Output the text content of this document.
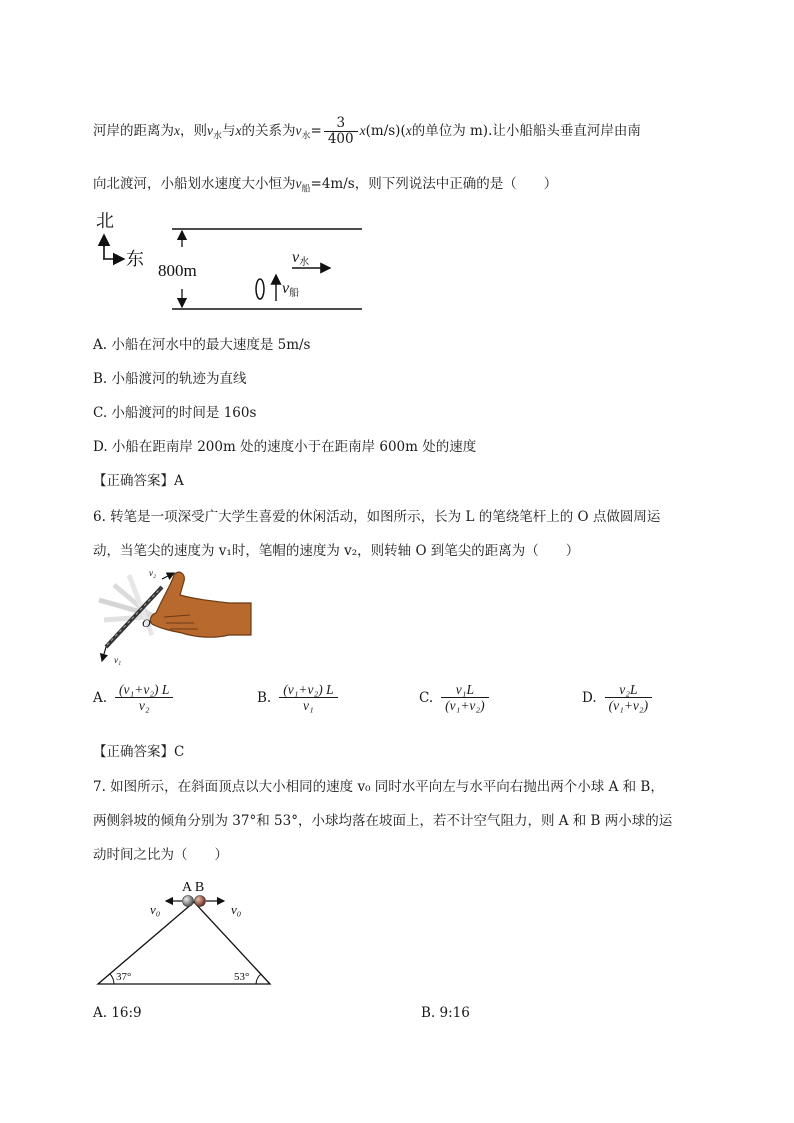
河岸的距离为x，则$v_水$与x的关系为$v_水= \frac{3}{400} x(m/s)(x$的单位为 m).让小船船头垂直河岸由南
向北渡河，小船划水速度大小恒为$v_船=4m/s$，则下列说法中正确的是（　　）
北
东
800m
v水
v船
A. 小船在河水中的最大速度是 5m/s
B. 小船渡河的轨迹为直线
C. 小船渡河的时间是 160s
D. 小船在距南岸 200m 处的速度小于在距南岸 600m 处的速度
【正确答案】A
6. 转笔是一项深受广大学生喜爱的休闲活动，如图所示，长为 L 的笔绕笔杆上的 O 点做圆周运
动，当笔尖的速度为 v₁时，笔帽的速度为 v₂，则转轴 O 到笔尖的距离为（　　）
O
v₁
v₂
A. $\frac{\text{(v₁+v₂) L}}{\text{v₂}}$	B. $\frac{\text{(v₁+v₂) L}}{\text{v₁}}$	C. $\frac{\text{v₁L}}{\text{(v₁+v₂)}}$	D. $\frac{\text{v₂L}}{\text{(v₁+v₂)}}$
【正确答案】C
7. 如图所示，在斜面顶点以大小相同的速度 v₀ 同时水平向左与水平向右抛出两个小球 A 和 B，
两侧斜坡的倾角分别为 37°和 53°，小球均落在坡面上，若不计空气阻力，则 A 和 B 两小球的运
动时间之比为（　　）
A B
v₀	v₀
37°	53°
A. 16:9	B. 9:16
